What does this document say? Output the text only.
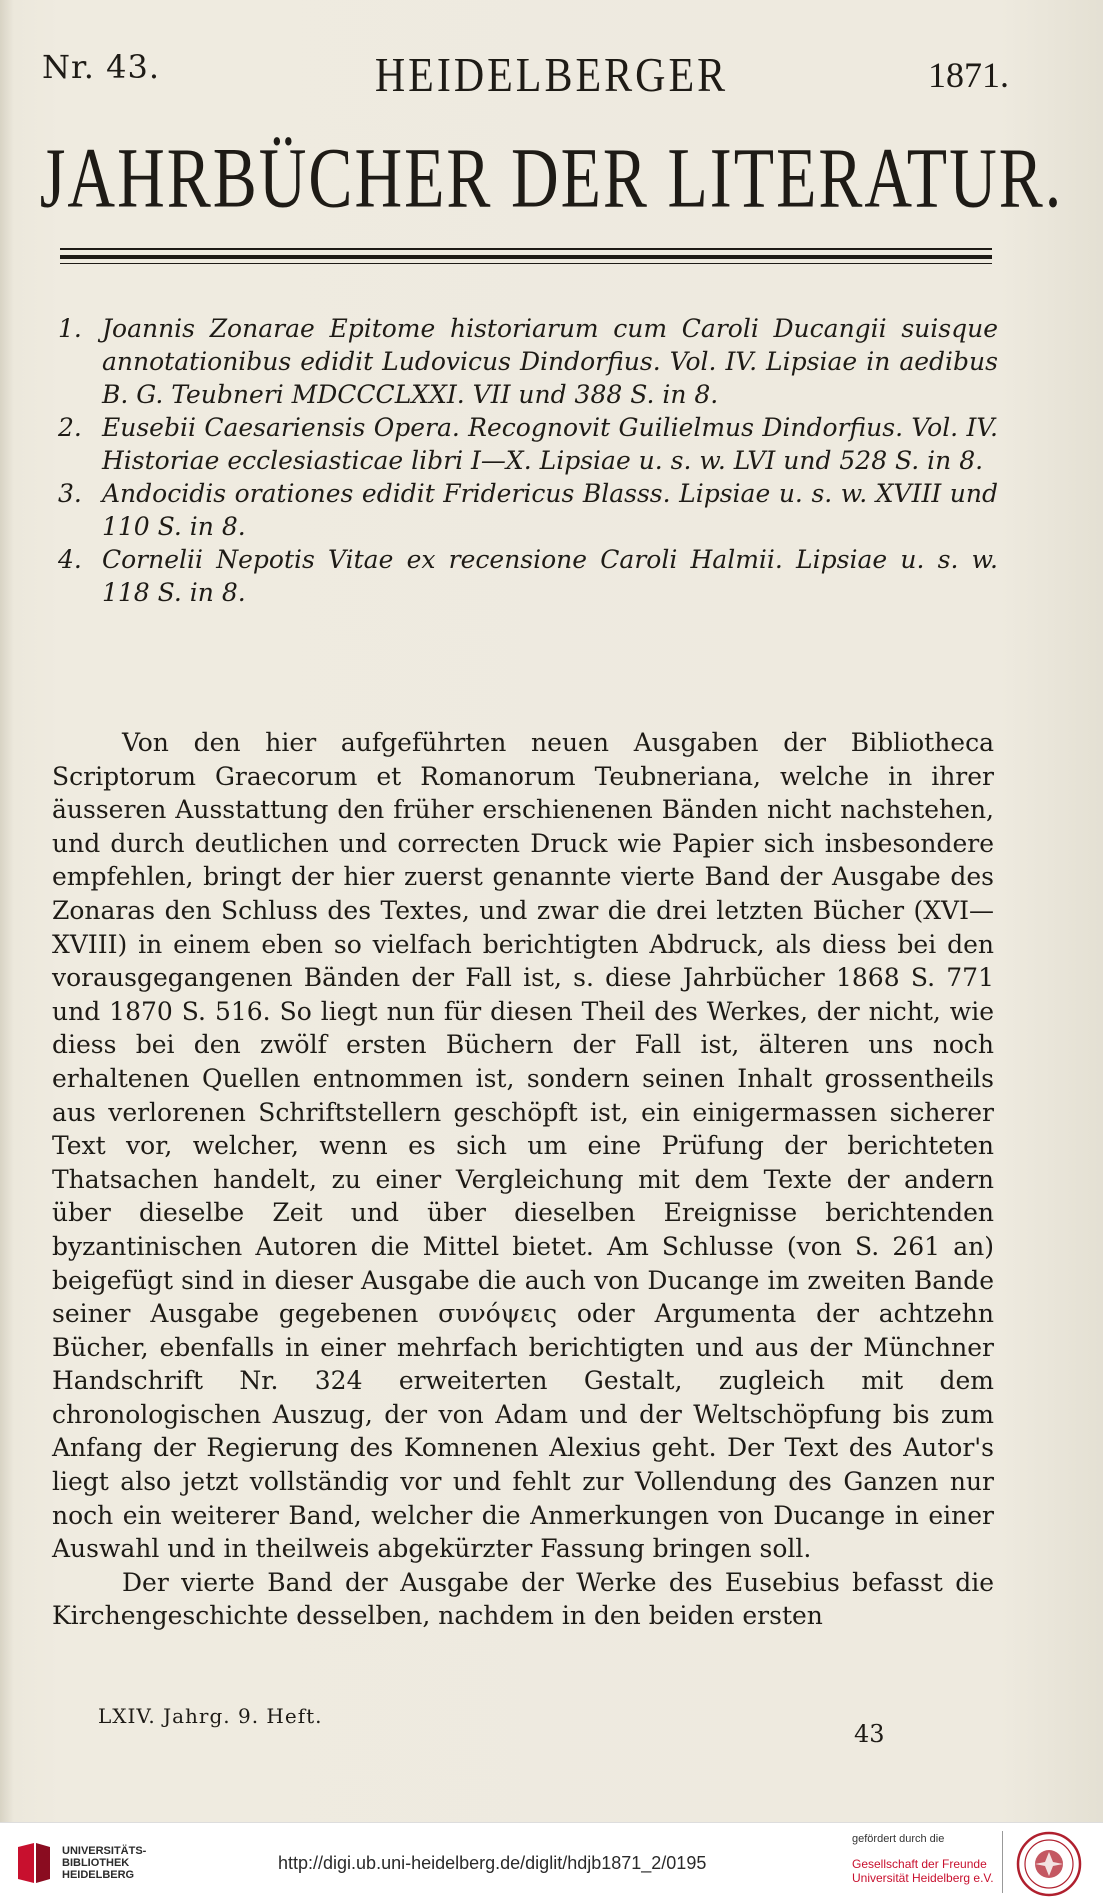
Nr. 43.	HEIDELBERGER	1871.
JAHRBÜCHER DER LITERATUR.
1. Joannis Zonarae Epitome historiarum cum Caroli Ducangii suisque annotationibus edidit Ludovicus Dindorfius. Vol. IV. Lipsiae in aedibus B. G. Teubneri MDCCCLXXI. VII und 388 S. in 8.
2. Eusebii Caesariensis Opera. Recognovit Guilielmus Dindorfius. Vol. IV. Historiae ecclesiasticae libri I—X. Lipsiae u. s. w. LVI und 528 S. in 8.
3. Andocidis orationes edidit Fridericus Blasss. Lipsiae u. s. w. XVIII und 110 S. in 8.
4. Cornelii Nepotis Vitae ex recensione Caroli Halmii. Lipsiae u. s. w. 118 S. in 8.

Von den hier aufgeführten neuen Ausgaben der Bibliotheca Scriptorum Graecorum et Romanorum Teubneriana, welche in ihrer äusseren Ausstattung den früher erschienenen Bänden nicht nachstehen, und durch deutlichen und correcten Druck wie Papier sich insbesondere empfehlen, bringt der hier zuerst genannte vierte Band der Ausgabe des Zonaras den Schluss des Textes, und zwar die drei letzten Bücher (XVI—XVIII) in einem eben so vielfach berichtigten Abdruck, als diess bei den vorausgegangenen Bänden der Fall ist, s. diese Jahrbücher 1868 S. 771 und 1870 S. 516. So liegt nun für diesen Theil des Werkes, der nicht, wie diess bei den zwölf ersten Büchern der Fall ist, älteren uns noch erhaltenen Quellen entnommen ist, sondern seinen Inhalt grossentheils aus verlorenen Schriftstellern geschöpft ist, ein einigermassen sicherer Text vor, welcher, wenn es sich um eine Prüfung der berichteten Thatsachen handelt, zu einer Vergleichung mit dem Texte der andern über dieselbe Zeit und über dieselben Ereignisse berichtenden byzantinischen Autoren die Mittel bietet. Am Schlusse (von S. 261 an) beigefügt sind in dieser Ausgabe die auch von Ducange im zweiten Bande seiner Ausgabe gegebenen συνόψεις oder Argumenta der achtzehn Bücher, ebenfalls in einer mehrfach berichtigten und aus der Münchner Handschrift Nr. 324 erweiterten Gestalt, zugleich mit dem chronologischen Auszug, der von Adam und der Weltschöpfung bis zum Anfang der Regierung des Komnenen Alexius geht. Der Text des Autor's liegt also jetzt vollständig vor und fehlt zur Vollendung des Ganzen nur noch ein weiterer Band, welcher die Anmerkungen von Ducange in einer Auswahl und in theilweis abgekürzter Fassung bringen soll.

Der vierte Band der Ausgabe der Werke des Eusebius befasst die Kirchengeschichte desselben, nachdem in den beiden ersten

LXIV. Jahrg. 9. Heft.
43
UNIVERSITÄTS-
BIBLIOTHEK
HEIDELBERG
http://digi.ub.uni-heidelberg.de/diglit/hdjb1871_2/0195
gefördert durch die
Gesellschaft der Freunde
Universität Heidelberg e.V.
